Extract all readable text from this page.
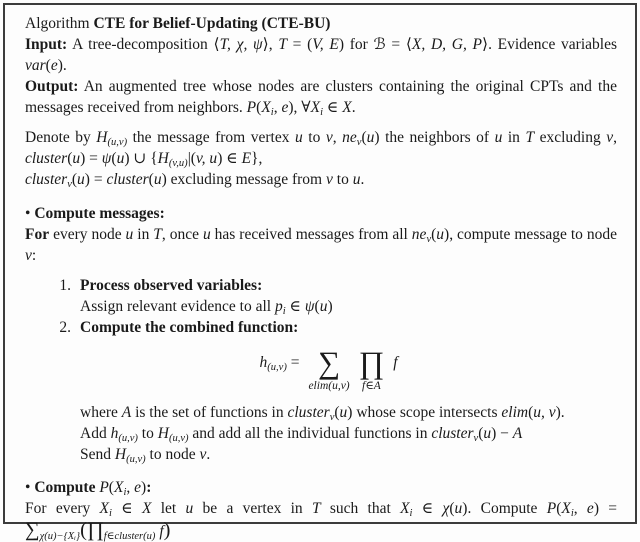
Algorithm CTE for Belief-Updating (CTE-BU)

Input: A tree-decomposition ⟨T, χ, ψ⟩, T = (V, E) for ℬ = ⟨X, D, G, P⟩. Evidence variables var(e).

Output: An augmented tree whose nodes are clusters containing the original CPTs and the messages received from neighbors. $P(X_i$, e), $\forall X_i$ ∈ X.

Denote by $H_{(u,v)}$ the message from vertex u to v, $ne_v(u)$ the neighbors of u in T excluding v,

cluster(u) = ψ(u) ∪ {$H_{(v,u)}|(v$, u) ∈ E},

cluster$_v$(u) = cluster(u) excluding message from v to u.

• Compute messages:

For every node u in T, once u has received messages from all $ne_v(u)$, compute message to node v:

1. Process observed variables:

Assign relevant evidence to all $p_i$ ∈ ψ(u)

2. Compute the combined function:

$h_{(u,v)}$ = ∑
elim(u,v)
∏
f∈A
f

where A is the set of functions in cluster$_v$(u) whose scope intersects elim(u, v).

Add $h_{(u,v)}$ to $H_{(u,v)}$ and add all the individual functions in cluster$_v$(u) − A

Send $H_{(u,v)}$ to node v.

• Compute $P(X_i$, e):

For every $X_i$ ∈ X let u be a vertex in T such that $X_i$ ∈ χ(u). Compute $P(X_i$, e) =

$\sum_{\chi(u)-\{Xᵢ\}}(\prod_{f\in cluster(u)}$ f)
